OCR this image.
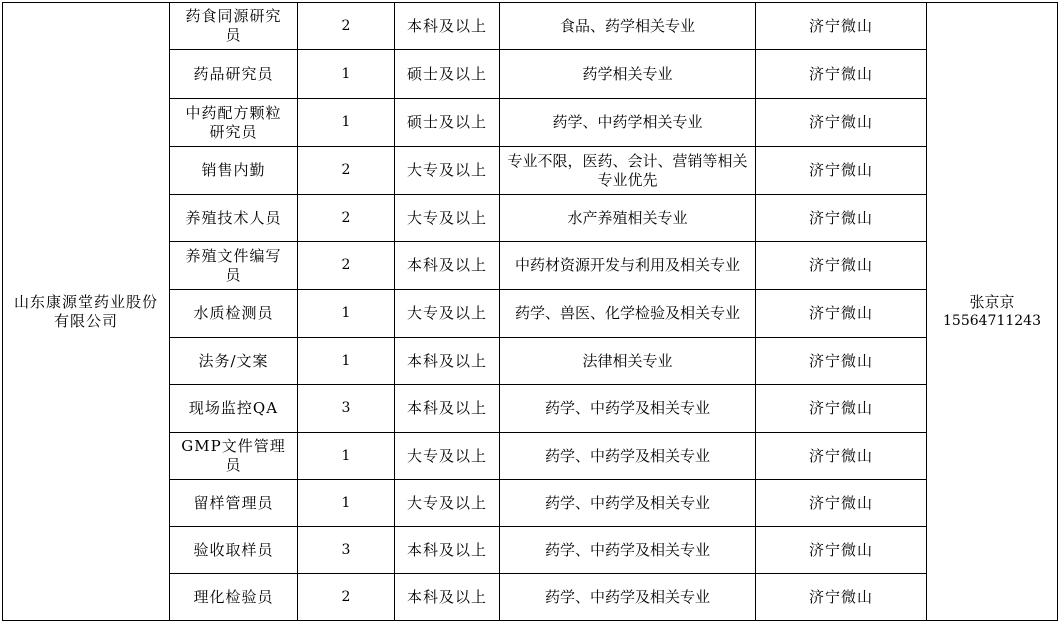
山东康源堂药业股份有限公司	药食同源研究员	2	本科及以上	食品、药学相关专业	济宁微山	张京京
15564711243

	药品研究员	1	硕士及以上	药学相关专业	济宁微山	
	中药配方颗粒研究员	1	硕士及以上	药学、中药学相关专业	济宁微山	
	销售内勤	2	大专及以上	专业不限，医药、会计、营销等相关专业优先	济宁微山	
	养殖技术人员	2	大专及以上	水产养殖相关专业	济宁微山	
	养殖文件编写员	2	本科及以上	中药材资源开发与利用及相关专业	济宁微山	
	水质检测员	1	大专及以上	药学、兽医、化学检验及相关专业	济宁微山	
	法务/文案	1	本科及以上	法律相关专业	济宁微山	
	现场监控QA	3	本科及以上	药学、中药学及相关专业	济宁微山	
	GMP文件管理员	1	大专及以上	药学、中药学及相关专业	济宁微山	
	留样管理员	1	大专及以上	药学、中药学及相关专业	济宁微山	
	验收取样员	3	本科及以上	药学、中药学及相关专业	济宁微山	
	理化检验员	2	本科及以上	药学、中药学及相关专业	济宁微山	
